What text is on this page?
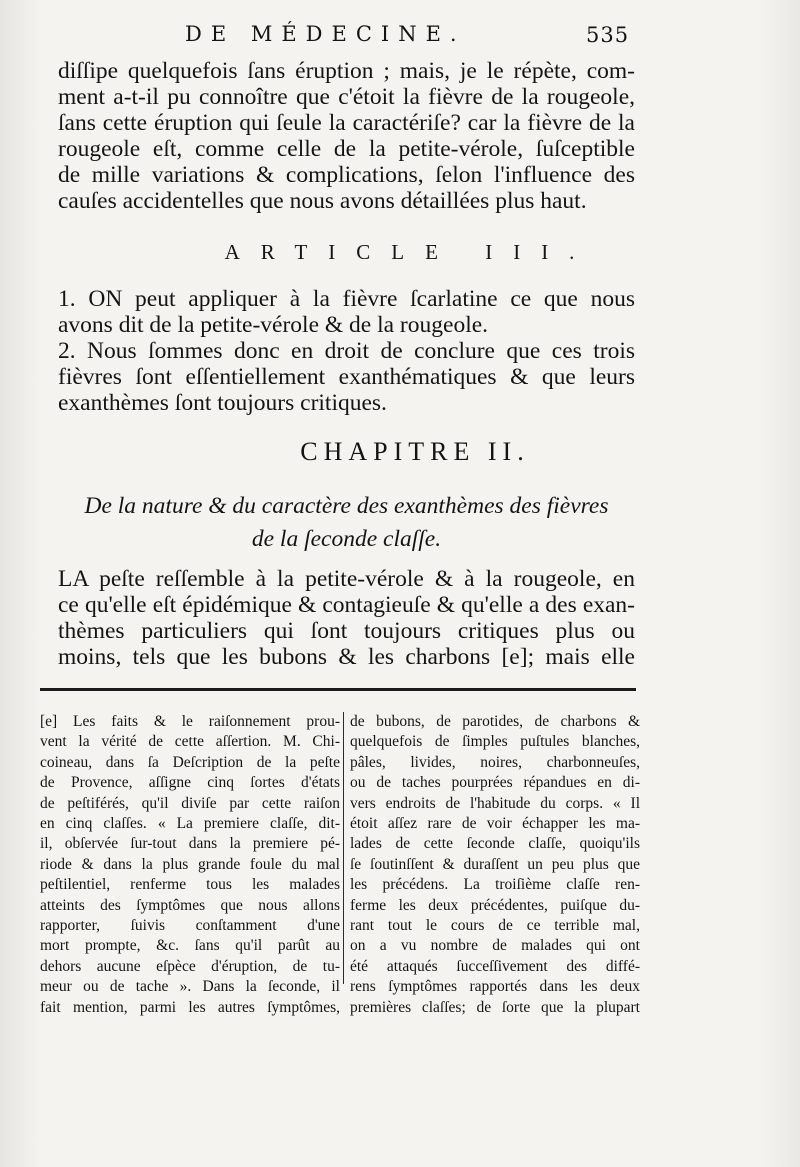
DE MÉDECINE.	535
diſſipe quelquefois ſans éruption ; mais, je le répète, com-
ment a-t-il pu connoître que c'étoit la fièvre de la rougeole,
ſans cette éruption qui ſeule la caractériſe? car la fièvre de la
rougeole eſt, comme celle de la petite-vérole, ſuſceptible
de mille variations & complications, ſelon l'influence des
cauſes accidentelles que nous avons détaillées plus haut.
ARTICLE III.
1. ON peut appliquer à la fièvre ſcarlatine ce que nous
avons dit de la petite-vérole & de la rougeole.
2. Nous ſommes donc en droit de conclure que ces trois
fièvres ſont eſſentiellement exanthématiques & que leurs
exanthèmes ſont toujours critiques.
CHAPITRE II.
De la nature & du caractère des exanthèmes des fièvres
de la ſeconde claſſe.
LA peſte reſſemble à la petite-vérole & à la rougeole, en
ce qu'elle eſt épidémique & contagieuſe & qu'elle a des exan-
thèmes particuliers qui ſont toujours critiques plus ou
moins, tels que les bubons & les charbons [e]; mais elle
[e] Les faits & le raiſonnement prou-
vent la vérité de cette aſſertion. M. Chi-
coineau, dans ſa Deſcription de la peſte
de Provence, aſſigne cinq ſortes d'états
de peſtiférés, qu'il diviſe par cette raiſon
en cinq claſſes. « La premiere claſſe, dit-
il, obſervée ſur-tout dans la premiere pé-
riode & dans la plus grande foule du mal
peſtilentiel, renferme tous les malades
atteints des ſymptômes que nous allons
rapporter, ſuivis conſtamment d'une
mort prompte, &c. ſans qu'il parût au
dehors aucune eſpèce d'éruption, de tu-
meur ou de tache ». Dans la ſeconde, il
fait mention, parmi les autres ſymptômes,
de bubons, de parotides, de charbons &
quelquefois de ſimples puſtules blanches,
pâles, livides, noires, charbonneuſes,
ou de taches pourprées répandues en di-
vers endroits de l'habitude du corps. « Il
étoit aſſez rare de voir échapper les ma-
lades de cette ſeconde claſſe, quoiqu'ils
ſe ſoutinſſent & duraſſent un peu plus que
les précédens. La troiſième claſſe ren-
ferme les deux précédentes, puiſque du-
rant tout le cours de ce terrible mal,
on a vu nombre de malades qui ont
été attaqués ſucceſſivement des diffé-
rens ſymptômes rapportés dans les deux
premières claſſes; de ſorte que la plupart
